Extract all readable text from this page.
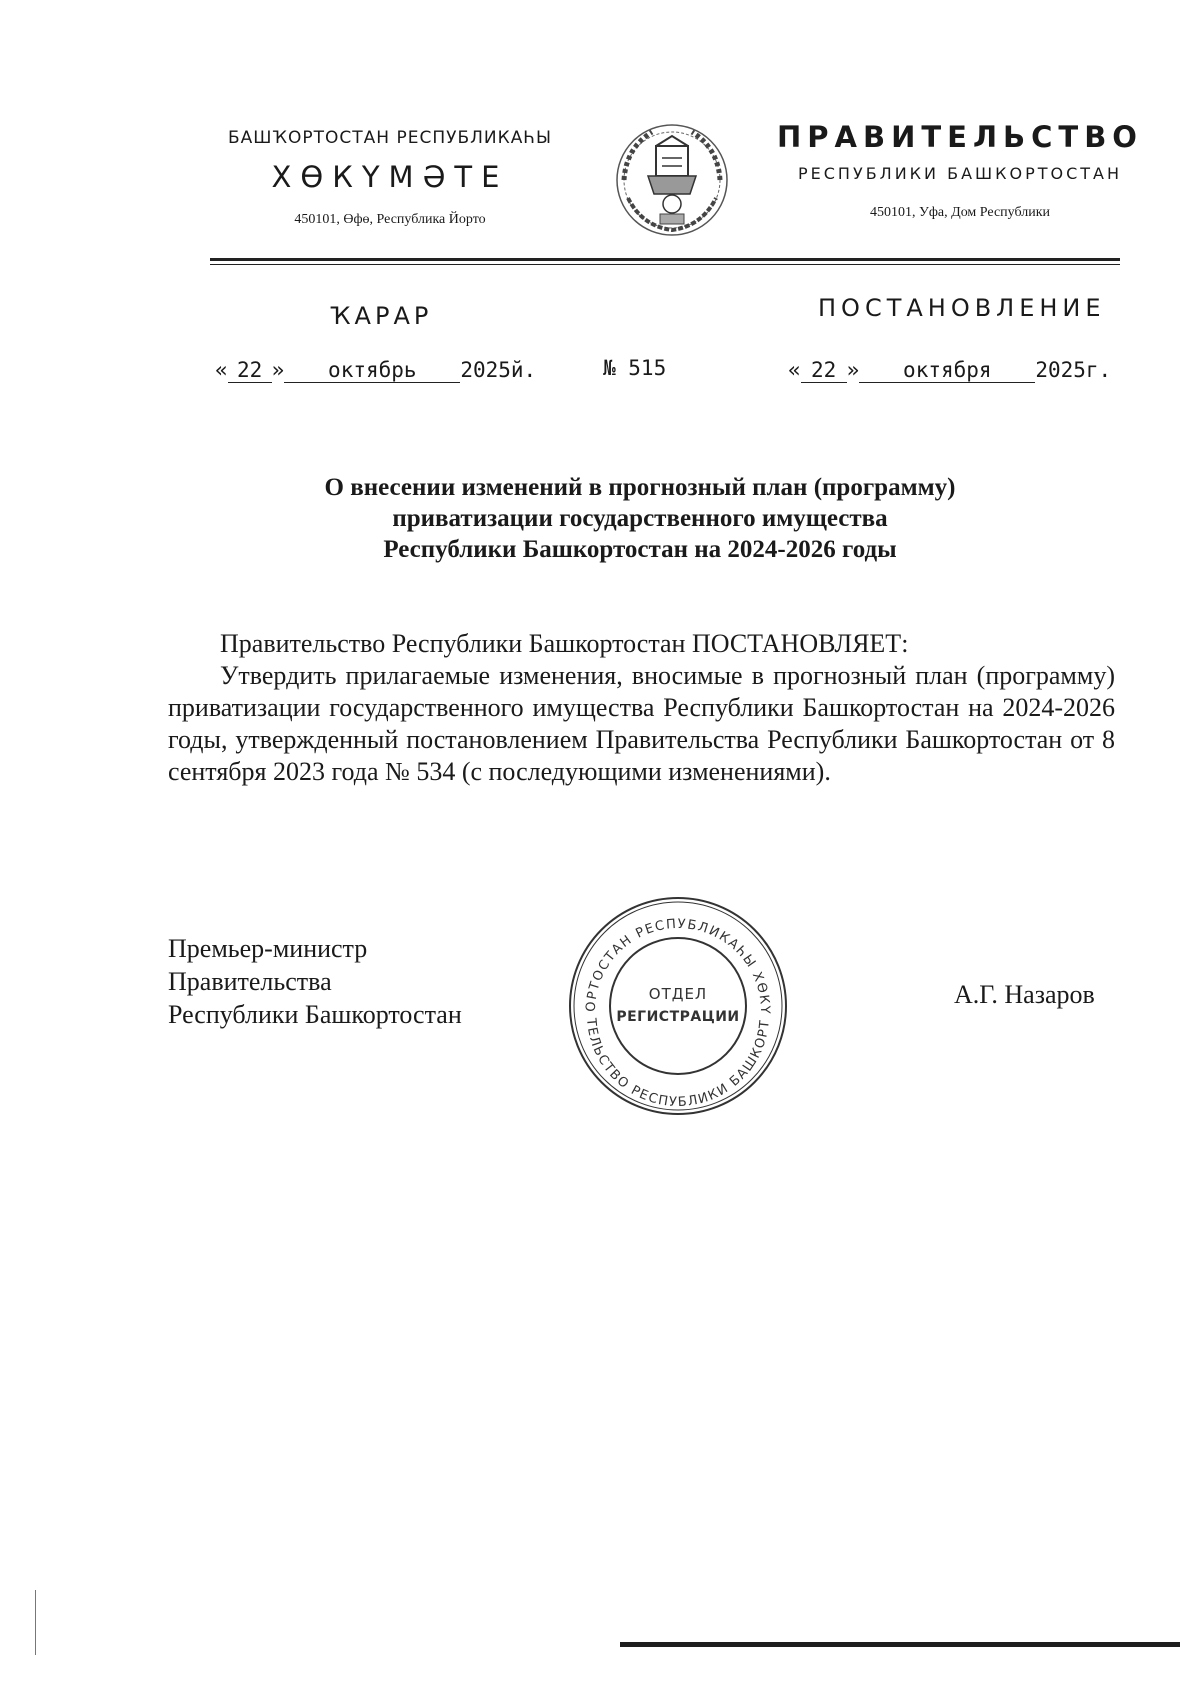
БАШҠОРТОСТАН РЕСПУБЛИКАҺЫ
ХӨКҮМӘТЕ
450101, Өфө, Республика Йорто
ПРАВИТЕЛЬСТВО
РЕСПУБЛИКИ БАШКОРТОСТАН
450101, Уфа, Дом Республики
ҠАРАР	ПОСТАНОВЛЕНИЕ
« 22 » октябрь 2025й.	№ 515	« 22 » октября 2025г.
О внесении изменений в прогнозный план (программу)
приватизации государственного имущества
Республики Башкортостан на 2024-2026 годы

Правительство Республики Башкортостан ПОСТАНОВЛЯЕТ:

Утвердить прилагаемые изменения, вносимые в прогнозный план (программу) приватизации государственного имущества Республики Башкортостан на 2024-2026 годы, утвержденный постановлением Правительства Республики Башкортостан от 8 сентября 2023 года № 534 (с последующими изменениями).

Премьер-министр
Правительства
Республики Башкортостан
А.Г. Назаров
ОРТОСТАН РЕСПУБЛИКАҺЫ ХӨКҮ
ТЕЛЬСТВО РЕСПУБЛИКИ БАШКОРТ
ОТДЕЛ
РЕГИСТРАЦИИ
